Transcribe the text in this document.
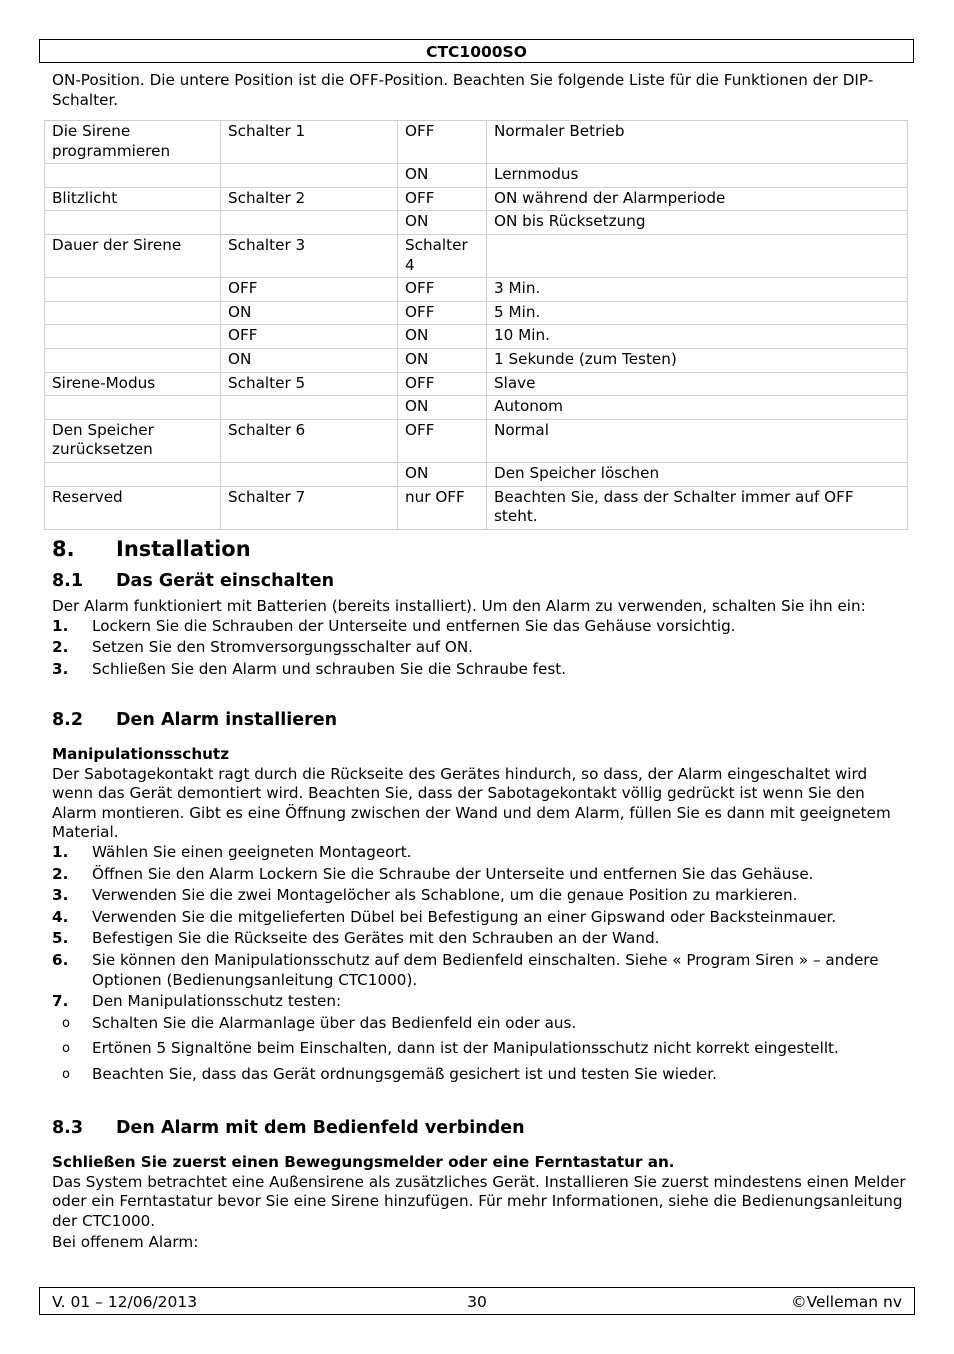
CTC1000SO

ON-Position. Die untere Position ist die OFF-Position. Beachten Sie folgende Liste für die Funktionen der DIP-Schalter.

Die Sirene programmieren	Schalter 1	OFF	Normaler Betrieb
		ON	Lernmodus
Blitzlicht	Schalter 2	OFF	ON während der Alarmperiode
		ON	ON bis Rücksetzung
Dauer der Sirene	Schalter 3	Schalter 4	
	OFF	OFF	3 Min.
	ON	OFF	5 Min.
	OFF	ON	10 Min.
	ON	ON	1 Sekunde (zum Testen)
Sirene-Modus	Schalter 5	OFF	Slave
		ON	Autonom
Den Speicher zurücksetzen	Schalter 6	OFF	Normal
		ON	Den Speicher löschen
Reserved	Schalter 7	nur OFF	Beachten Sie, dass der Schalter immer auf OFF steht.
8. Installation
8.1 Das Gerät einschalten

Der Alarm funktioniert mit Batterien (bereits installiert). Um den Alarm zu verwenden, schalten Sie ihn ein:

1. Lockern Sie die Schrauben der Unterseite und entfernen Sie das Gehäuse vorsichtig.
2. Setzen Sie den Stromversorgungsschalter auf ON.
3. Schließen Sie den Alarm und schrauben Sie die Schraube fest.
8.2 Den Alarm installieren

Manipulationsschutz

Der Sabotagekontakt ragt durch die Rückseite des Gerätes hindurch, so dass, der Alarm eingeschaltet wird wenn das Gerät demontiert wird. Beachten Sie, dass der Sabotagekontakt völlig gedrückt ist wenn Sie den Alarm montieren. Gibt es eine Öffnung zwischen der Wand und dem Alarm, füllen Sie es dann mit geeignetem Material.

1. Wählen Sie einen geeigneten Montageort.
2. Öffnen Sie den Alarm Lockern Sie die Schraube der Unterseite und entfernen Sie das Gehäuse.
3. Verwenden Sie die zwei Montagelöcher als Schablone, um die genaue Position zu markieren.
4. Verwenden Sie die mitgelieferten Dübel bei Befestigung an einer Gipswand oder Backsteinmauer.
5. Befestigen Sie die Rückseite des Gerätes mit den Schrauben an der Wand.
6. Sie können den Manipulationsschutz auf dem Bedienfeld einschalten. Siehe « Program Siren » – andere Optionen (Bedienungsanleitung CTC1000).
7. Den Manipulationsschutz testen:
o Schalten Sie die Alarmanlage über das Bedienfeld ein oder aus.
o Ertönen 5 Signaltöne beim Einschalten, dann ist der Manipulationsschutz nicht korrekt eingestellt.
o Beachten Sie, dass das Gerät ordnungsgemäß gesichert ist und testen Sie wieder.
8.3 Den Alarm mit dem Bedienfeld verbinden

Schließen Sie zuerst einen Bewegungsmelder oder eine Ferntastatur an.

Das System betrachtet eine Außensirene als zusätzliches Gerät. Installieren Sie zuerst mindestens einen Melder oder ein Ferntastatur bevor Sie eine Sirene hinzufügen. Für mehr Informationen, siehe die Bedienungsanleitung der CTC1000.

Bei offenem Alarm:

V. 01 – 12/06/2013	30	©Velleman nv
